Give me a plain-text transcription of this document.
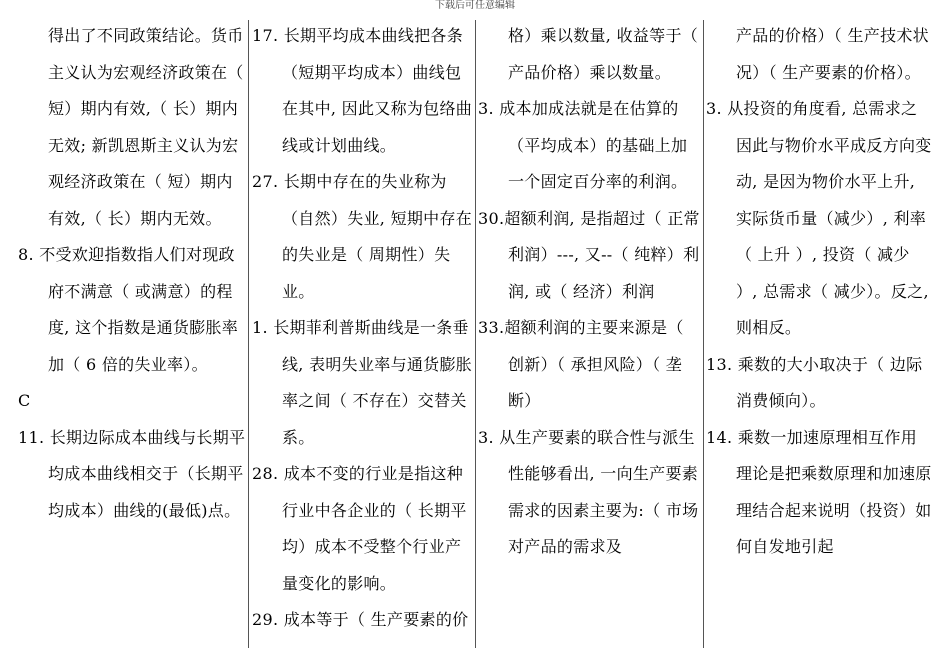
下载后可任意编辑

得出了不同政策结论。货币主义认为宏观经济政策在（ 短）期内有效,（ 长）期内无效; 新凯恩斯主义认为宏观经济政策在（ 短）期内有效,（ 长）期内无效。

8. 不受欢迎指数指人们对现政府不满意（ 或满意）的程度, 这个指数是通货膨胀率加（ 6 倍的失业率）。

C

11. 长期边际成本曲线与长期平均成本曲线相交于（长期平均成本）曲线的(最低)点。

17. 长期平均成本曲线把各条（短期平均成本）曲线包在其中, 因此又称为包络曲线或计划曲线。

27. 长期中存在的失业称为（自然）失业, 短期中存在的失业是（ 周期性）失业。

1. 长期菲利普斯曲线是一条垂线, 表明失业率与通货膨胀率之间（ 不存在）交替关系。

28. 成本不变的行业是指这种行业中各企业的（ 长期平均）成本不受整个行业产量变化的影响。

29. 成本等于（ 生产要素的价

格）乘以数量, 收益等于（ 产品价格）乘以数量。

3. 成本加成法就是在估算的（平均成本）的基础上加一个固定百分率的利润。

30.超额利润, 是指超过（ 正常利润）---, 又--（ 纯粹）利润, 或（ 经济）利润

33.超额利润的主要来源是（ 创新）（ 承担风险）（ 垄断）

3. 从生产要素的联合性与派生性能够看出, 一向生产要素需求的因素主要为:（ 市场对产品的需求及

产品的价格）（ 生产技术状况）（ 生产要素的价格）。

3. 从投资的角度看, 总需求之因此与物价水平成反方向变动, 是因为物价水平上升, 实际货币量（减少）, 利率（ 上升 ）, 投资（ 减少 ）, 总需求（ 减少）。反之, 则相反。

13. 乘数的大小取决于（ 边际消费倾向）。

14. 乘数一加速原理相互作用理论是把乘数原理和加速原理结合起来说明（投资）如何自发地引起
